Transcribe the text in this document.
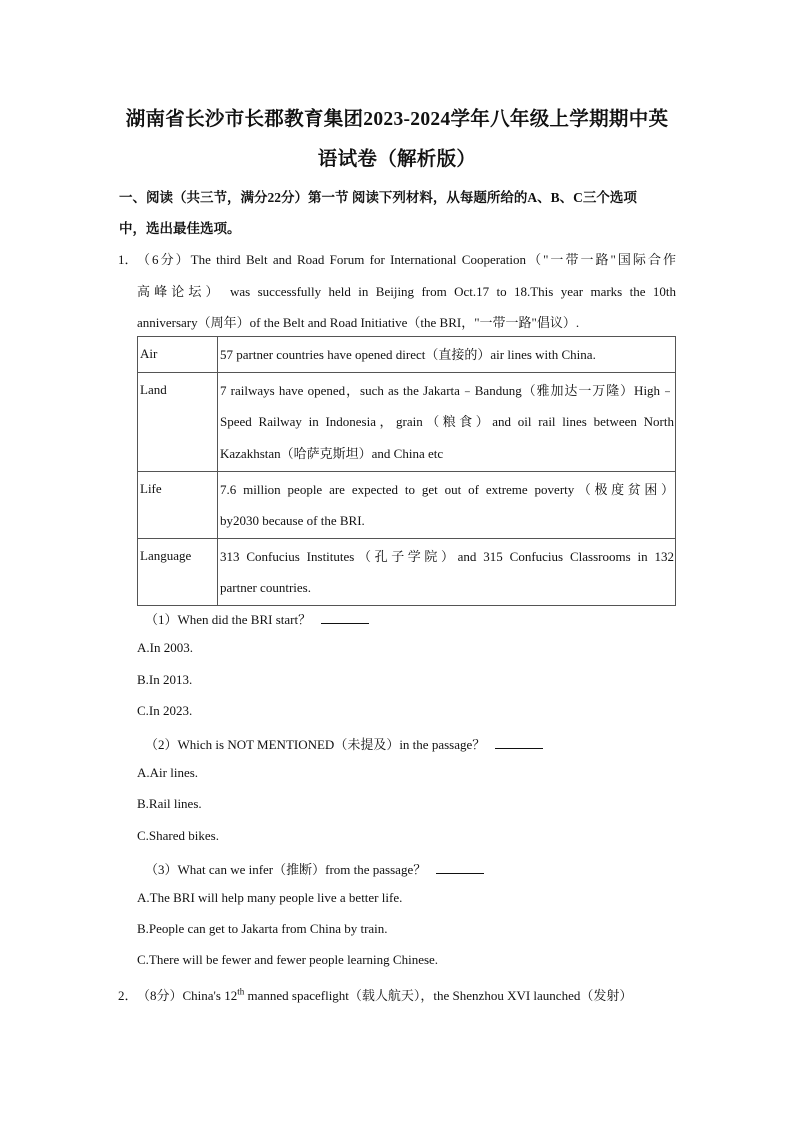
湖南省长沙市长郡教育集团2023-2024学年八年级上学期期中英
语试卷（解析版）
一、阅读（共三节，满分22分）第一节 阅读下列材料，从每题所给的A、B、C三个选项
中，选出最佳选项。
1． （6分）The third Belt and Road Forum for International Cooperation（"一带一路"国际合作
高峰论坛） was successfully held in Beijing from Oct.17 to 18.This year marks the 10th
anniversary（周年）of the Belt and Road Initiative（the BRI，"一带一路"倡议）.
Air	57 partner countries have opened direct（直接的）air lines with China.

Land	7 railways have opened，such as the Jakarta﹣Bandung（雅加达一万隆）High﹣
Speed Railway in Indonesia，grain（粮食）and oil rail lines between North
Kazakhstan（哈萨克斯坦）and China etc

Life	7.6 million people are expected to get out of extreme poverty（极度贫困）
by2030 because of the BRI.

Language	313 Confucius Institutes（孔子学院）and 315 Confucius Classrooms in 132
partner countries.
（1）When did the BRI start？
A.In 2003.
B.In 2013.
C.In 2023.
（2）Which is NOT MENTIONED（未提及）in the passage？
A.Air lines.
B.Rail lines.
C.Shared bikes.
（3）What can we infer（推断）from the passage？
A.The BRI will help many people live a better life.
B.People can get to Jakarta from China by train.
C.There will be fewer and fewer people learning Chinese.
2． （8分）China's 12th manned spaceflight（载人航天），the Shenzhou XVI launched（发射）
